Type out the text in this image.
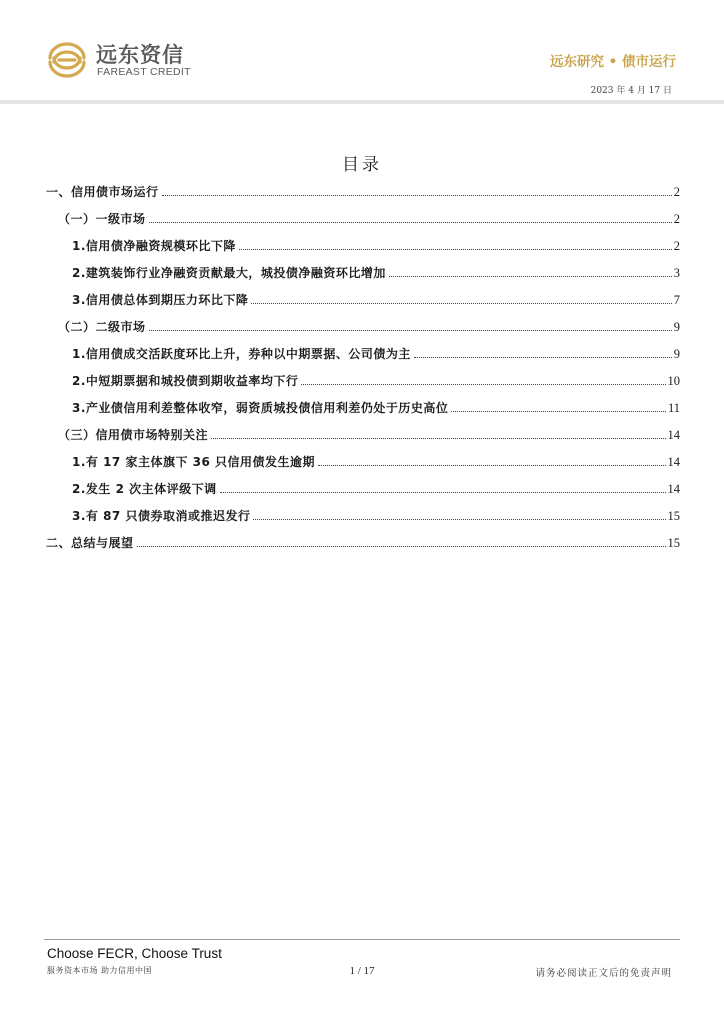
远东资信
FAREAST CREDIT
远东研究 • 债市运行
2023 年 4 月 17 日
目录
一、信用债市场运行	2
（一）一级市场	2
1.信用债净融资规模环比下降	2
2.建筑装饰行业净融资贡献最大，城投债净融资环比增加	3
3.信用债总体到期压力环比下降	7
（二）二级市场	9
1.信用债成交活跃度环比上升，券种以中期票据、公司债为主	9
2.中短期票据和城投债到期收益率均下行	10
3.产业债信用利差整体收窄，弱资质城投债信用利差仍处于历史高位	11
（三）信用债市场特别关注	14
1.有 17 家主体旗下 36 只信用债发生逾期	14
2.发生 2 次主体评级下调	14
3.有 87 只债券取消或推迟发行	15
二、总结与展望	15
Choose FECR, Choose Trust
服务资本市场 助力信用中国	1 / 17	请务必阅读正文后的免责声明
